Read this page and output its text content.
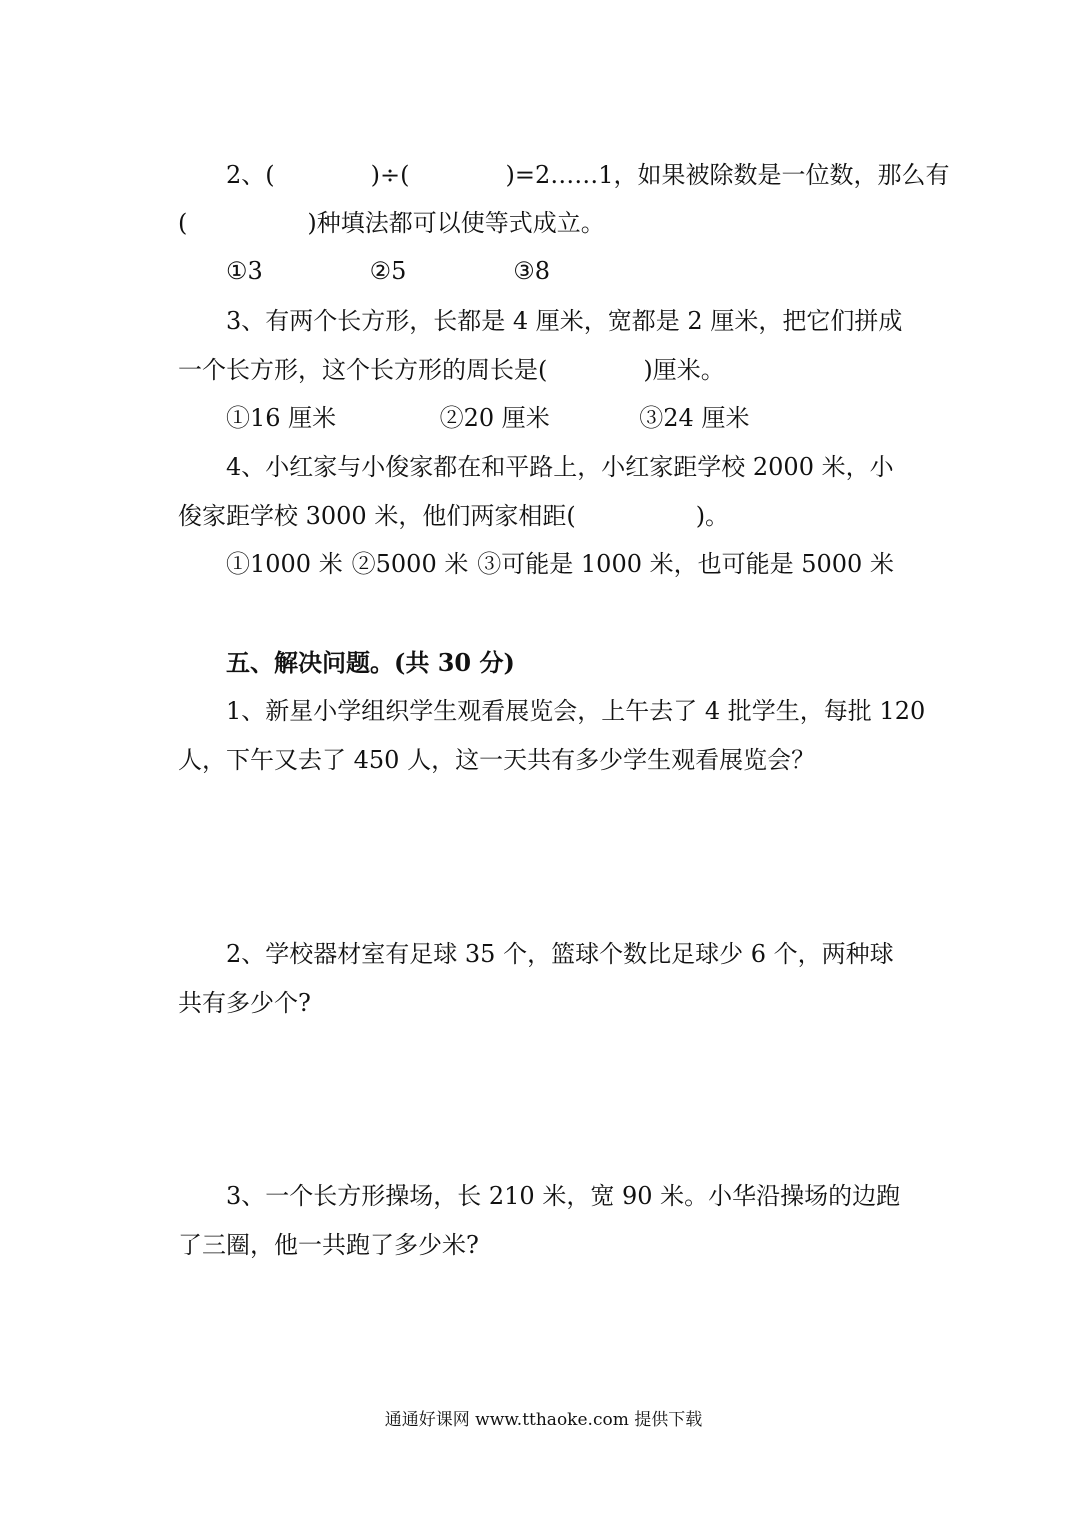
2、(　　　　)÷(　　　　)=2……1，如果被除数是一位数，那么有
(　　　　　)种填法都可以使等式成立。
①3	②5	③8
3、有两个长方形，长都是 4 厘米，宽都是 2 厘米，把它们拼成
一个长方形，这个长方形的周长是(　　　　)厘米。
①16 厘米	②20 厘米	③24 厘米
4、小红家与小俊家都在和平路上，小红家距学校 2000 米，小
俊家距学校 3000 米，他们两家相距(　　　　　)。
①1000 米 ②5000 米 ③可能是 1000 米，也可能是 5000 米
五、解决问题。(共 30 分)
1、新星小学组织学生观看展览会，上午去了 4 批学生，每批 120
人，下午又去了 450 人，这一天共有多少学生观看展览会？
2、学校器材室有足球 35 个，篮球个数比足球少 6 个，两种球
共有多少个?
3、一个长方形操场，长 210 米，宽 90 米。小华沿操场的边跑
了三圈，他一共跑了多少米?
通通好课网 www.tthaoke.com 提供下载
